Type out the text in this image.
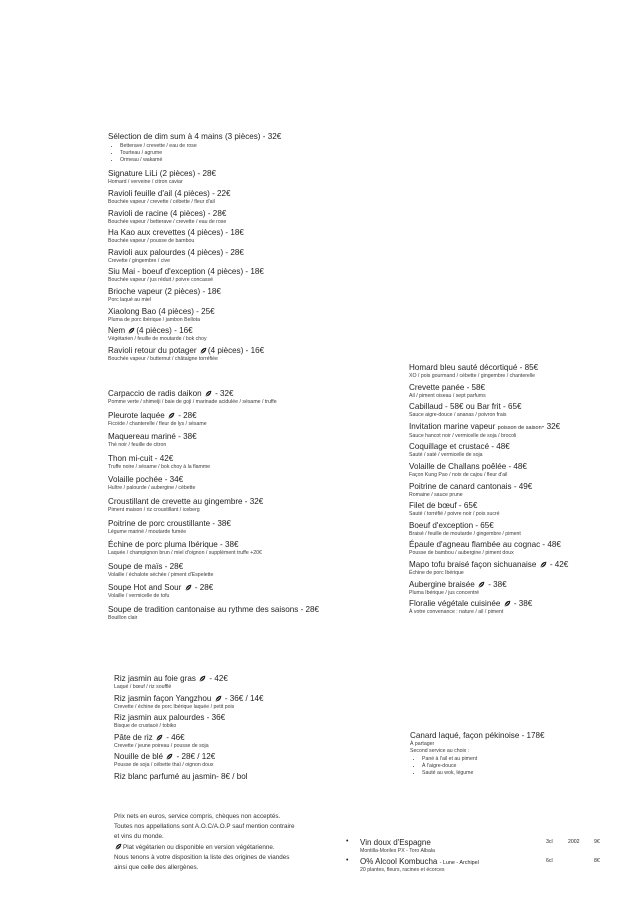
Sélection de dim sum à 4 mains (3 pièces) - 32€
• Betterave / crevette / eau de rose
• Tourteau / agrume
• Ormeau / wakamé
Signature LiLi (2 pièces) - 28€
Homard / verveine / citron caviar
Ravioli feuille d'ail (4 pièces) - 22€
Bouchée vapeur / crevette / cébette / fleur d'ail
Ravioli de racine (4 pièces) - 28€
Bouchée vapeur / betterave / crevette / eau de rose
Ha Kao aux crevettes (4 pièces) - 18€
Bouchée vapeur / pousse de bambou
Ravioli aux palourdes (4 pièces) - 28€
Crevette / gingembre / cive
Siu Mai - boeuf d'exception (4 pièces) - 18€
Bouchée vapeur / jus réduit / poivre concassé
Brioche vapeur (2 pièces) - 18€
Porc laqué au miel
Xiaolong Bao (4 pièces) - 25€
Pluma de porc ibérique / jambon Bellota
Nem (4 pièces) - 16€
Végétarien / feuille de moutarde / bok choy
Ravioli retour du potager (4 pièces) - 16€
Bouchée vapeur / butternut / châtaigne torréfiée
Carpaccio de radis daikon - 32€
Pomme verte / shimeiji / baie de goji / marinade acidulée / sésame / truffe
Pleurote laquée - 28€
Ficoïde / chanterelle / fleur de lys / sésame
Maquereau mariné - 38€
Thé noir / feuille de citron
Thon mi-cuit - 42€
Truffe noire / sésame / bok choy à la flamme
Volaille pochée - 34€
Huître / palourde / aubergine / cébette
Croustillant de crevette au gingembre - 32€
Piment maison / riz croustillant / iceberg
Poitrine de porc croustillante - 38€
Légume mariné / moutarde fumée
Échine de porc pluma Ibérique - 38€
Laquée / champignon brun / miel d'oignon / supplément truffe +20€
Soupe de maïs - 28€
Volaille / échalote séchée / piment d'Espelette
Soupe Hot and Sour - 28€
Volaille / vermicelle de tofu
Soupe de tradition cantonaise au rythme des saisons - 28€
Bouillon clair
Riz jasmin au foie gras - 42€
Laqué / bœuf / riz soufflé
Riz jasmin façon Yangzhou - 36€ / 14€
Crevette / échine de porc Ibérique laquée / petit pois
Riz jasmin aux palourdes - 36€
Bisque de crustacé / tobiko
Pâte de riz - 46€
Crevette / jeune poireau / pousse de soja
Nouille de blé - 28€ / 12€
Pousse de soja / cébette thaï / oignon doux
Riz blanc parfumé au jasmin- 8€ / bol
Prix nets en euros, service compris, chèques non acceptés.
Toutes nos appellations sont A.O.C/A.O.P sauf mention contraire
et vins du monde.
Plat végétarien ou disponible en version végétarienne.
Nous tenons à votre disposition la liste des origines de viandes
ainsi que celle des allergènes.
Homard bleu sauté décortiqué - 85€
XO / pois gourmand / cébette / gingembre / chanterelle
Crevette panée - 58€
Ail / piment oiseau / sept parfums
Cabillaud - 58€ ou Bar frit - 65€
Sauce aigre-douce / ananas / poivron frais
Invitation marine vapeur poisson de saison- 32€
Sauce hancot noir / vermicelle de soja / brocoli
Coquillage et crustacé - 48€
Sauté / saté / vermicelle de soja
Volaille de Challans poêlée - 48€
Façon Kung Pao / noix de cajou / fleur d'ail
Poitrine de canard cantonais - 49€
Romaine / sauce prune
Filet de bœuf - 65€
Sauté / torréfié / poivre noir / pois sucré
Boeuf d'exception - 65€
Braisé / feuille de moutarde / gingembre / piment
Épaule d'agneau flambée au cognac - 48€
Pousse de bambou / aubergine / piment doux
Mapo tofu braisé façon sichuanaise - 42€
Échine de porc Ibérique
Aubergine braisée - 38€
Pluma Ibérique / jus concentré
Floralie végétale cuisinée - 38€
À votre convenance : nature / ail / piment
Canard laqué, façon pékinoise - 178€
À partager
Second service au choix :
• Pané à l'ail et au piment
• À l'aigre-douce
• Sauté au wok, légume
• Vin doux d'Espagne
Montilla-Moriles PX - Toro Albala
3cl	2002	9€
• O% Alcool Kombucha - Lune - Archipel
20 plantes, fleurs, racines et écorces
6cl	8€
